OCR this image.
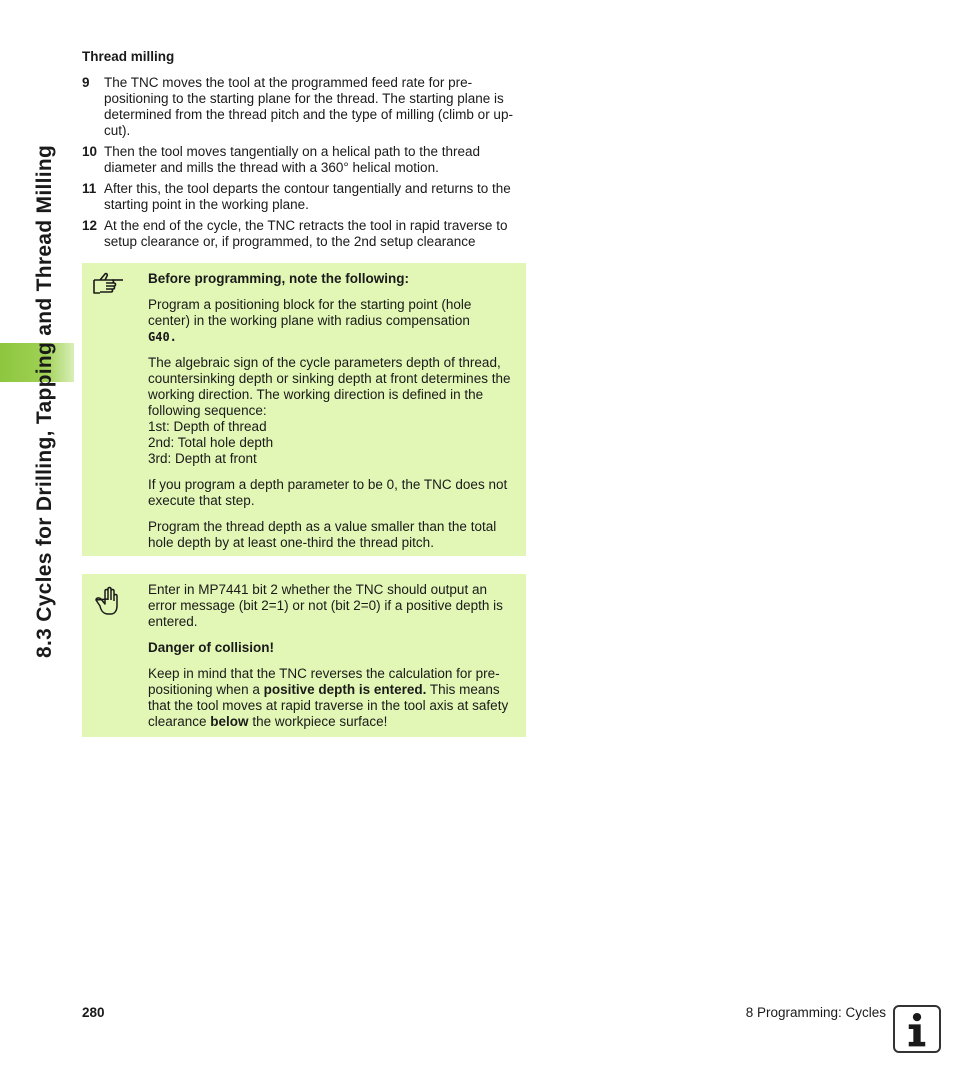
8.3 Cycles for Drilling, Tapping and Thread Milling
Thread milling
9	The TNC moves the tool at the programmed feed rate for pre-positioning to the starting plane for the thread. The starting plane is determined from the thread pitch and the type of milling (climb or up-cut).
10 Then the tool moves tangentially on a helical path to the thread diameter and mills the thread with a 360° helical motion.
11 After this, the tool departs the contour tangentially and returns to the starting point in the working plane.
12 At the end of the cycle, the TNC retracts the tool in rapid traverse to setup clearance or, if programmed, to the 2nd setup clearance

Before programming, note the following:

Program a positioning block for the starting point (hole center) in the working plane with radius compensation
G40.

The algebraic sign of the cycle parameters depth of thread, countersinking depth or sinking depth at front determines the working direction. The working direction is defined in the following sequence:
1st: Depth of thread
2nd: Total hole depth
3rd: Depth at front

If you program a depth parameter to be 0, the TNC does not execute that step.

Program the thread depth as a value smaller than the total hole depth by at least one-third the thread pitch.

Enter in MP7441 bit 2 whether the TNC should output an error message (bit 2=1) or not (bit 2=0) if a positive depth is entered.

Danger of collision!

Keep in mind that the TNC reverses the calculation for pre-positioning when a positive depth is entered. This means that the tool moves at rapid traverse in the tool axis at safety clearance below the workpiece surface!

280	8 Programming: Cycles
